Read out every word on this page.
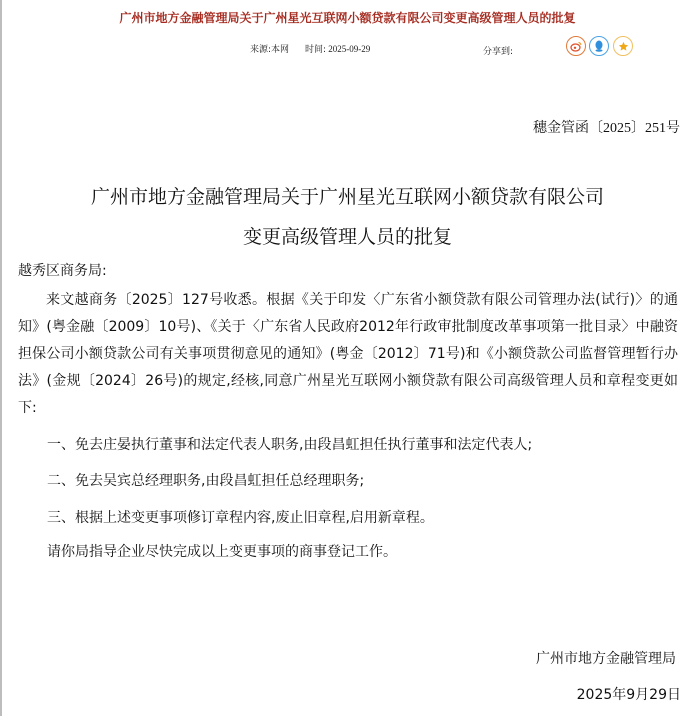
广州市地方金融管理局关于广州星光互联网小额贷款有限公司变更高级管理人员的批复
来源:本网 时间: 2025-09-29	分享到:
穗金管函〔2025〕251号
广州市地方金融管理局关于广州星光互联网小额贷款有限公司
变更高级管理人员的批复
越秀区商务局:
来文越商务〔2025〕127号收悉。根据《关于印发〈广东省小额贷款有限公司管理办法(试行)〉的通知》(粤金融〔2009〕10号)、《关于〈广东省人民政府2012年行政审批制度改革事项第一批目录〉中融资担保公司小额贷款公司有关事项贯彻意见的通知》(粤金〔2012〕71号)和《小额贷款公司监督管理暂行办法》(金规〔2024〕26号)的规定,经核,同意广州星光互联网小额贷款有限公司高级管理人员和章程变更如下:
一、免去庄晏执行董事和法定代表人职务,由段昌虹担任执行董事和法定代表人;
二、免去吴宾总经理职务,由段昌虹担任总经理职务;
三、根据上述变更事项修订章程内容,废止旧章程,启用新章程。
请你局指导企业尽快完成以上变更事项的商事登记工作。
广州市地方金融管理局
2025年9月29日
